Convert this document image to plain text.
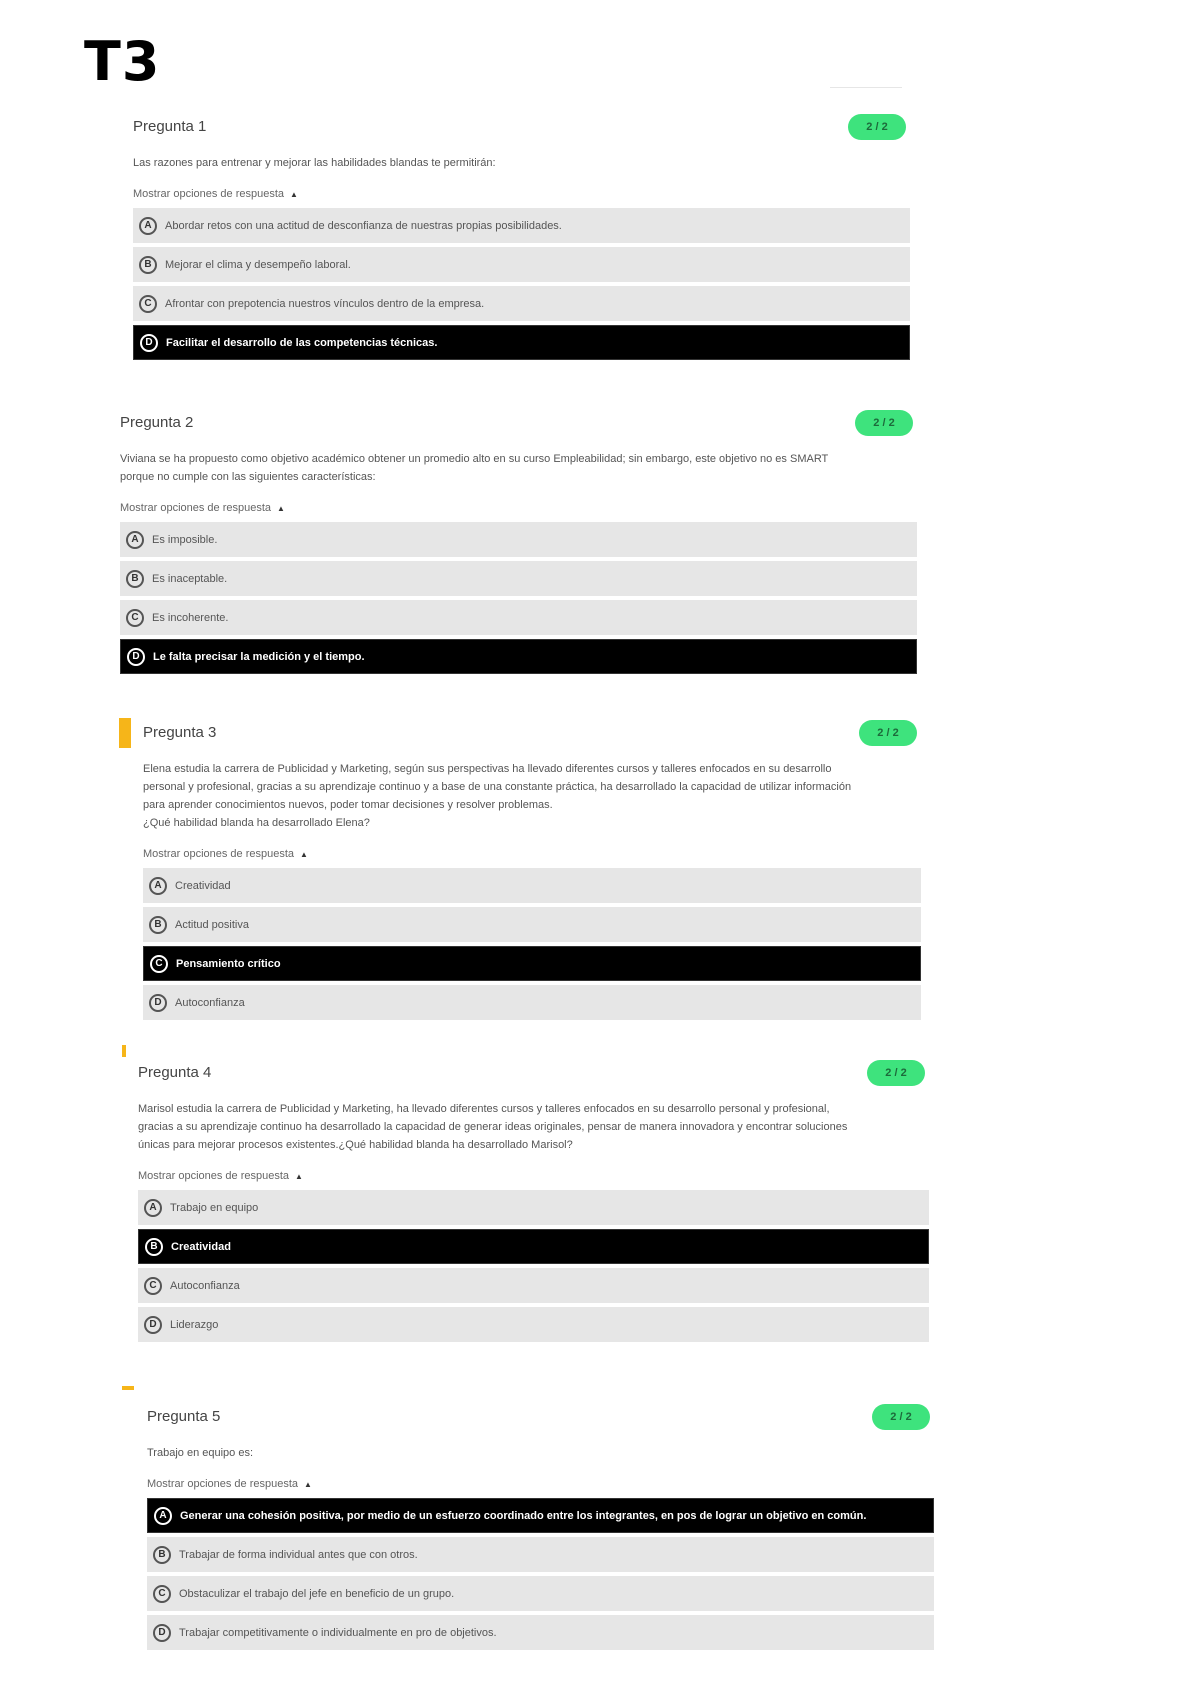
T3
Pregunta 1	2 / 2

Las razones para entrenar y mejorar las habilidades blandas te permitirán:

Mostrar opciones de respuesta ▲
A	Abordar retos con una actitud de desconfianza de nuestras propias posibilidades.
B	Mejorar el clima y desempeño laboral.
C	Afrontar con prepotencia nuestros vínculos dentro de la empresa.
D	Facilitar el desarrollo de las competencias técnicas.
Pregunta 2	2 / 2

Viviana se ha propuesto como objetivo académico obtener un promedio alto en su curso Empleabilidad; sin embargo, este objetivo no es SMART

porque no cumple con las siguientes características:

Mostrar opciones de respuesta ▲
A	Es imposible.
B	Es inaceptable.
C	Es incoherente.
D	Le falta precisar la medición y el tiempo.
Pregunta 3	2 / 2

Elena estudia la carrera de Publicidad y Marketing, según sus perspectivas ha llevado diferentes cursos y talleres enfocados en su desarrollo

personal y profesional, gracias a su aprendizaje continuo y a base de una constante práctica, ha desarrollado la capacidad de utilizar información

para aprender conocimientos nuevos, poder tomar decisiones y resolver problemas.

¿Qué habilidad blanda ha desarrollado Elena?

Mostrar opciones de respuesta ▲
A	Creatividad
B	Actitud positiva
C	Pensamiento crítico
D	Autoconfianza
Pregunta 4	2 / 2

Marisol estudia la carrera de Publicidad y Marketing, ha llevado diferentes cursos y talleres enfocados en su desarrollo personal y profesional,

gracias a su aprendizaje continuo ha desarrollado la capacidad de generar ideas originales, pensar de manera innovadora y encontrar soluciones

únicas para mejorar procesos existentes.¿Qué habilidad blanda ha desarrollado Marisol?

Mostrar opciones de respuesta ▲
A	Trabajo en equipo
B	Creatividad
C	Autoconfianza
D	Liderazgo
Pregunta 5	2 / 2

Trabajo en equipo es:

Mostrar opciones de respuesta ▲
A	Generar una cohesión positiva, por medio de un esfuerzo coordinado entre los integrantes, en pos de lograr un objetivo en común.
B	Trabajar de forma individual antes que con otros.
C	Obstaculizar el trabajo del jefe en beneficio de un grupo.
D	Trabajar competitivamente o individualmente en pro de objetivos.
